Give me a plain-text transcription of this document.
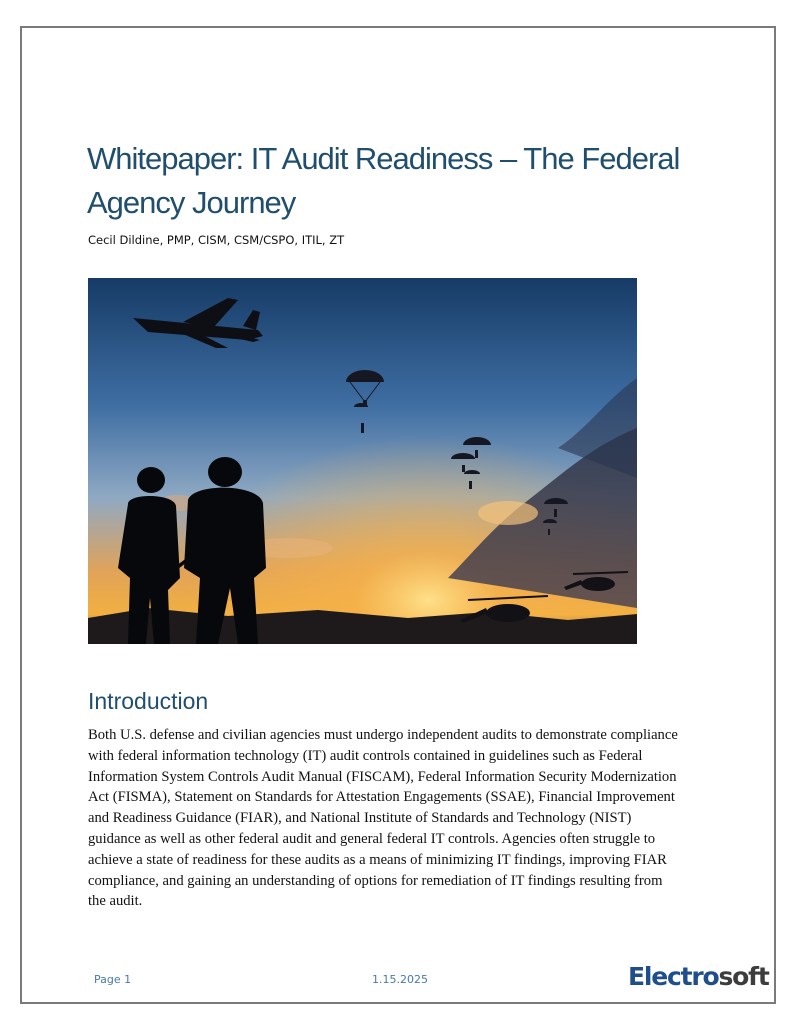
Whitepaper: IT Audit Readiness – The Federal Agency Journey
Cecil Dildine, PMP, CISM, CSM/CSPO, ITIL, ZT
Introduction

Both U.S. defense and civilian agencies must undergo independent audits to demonstrate compliance with federal information technology (IT) audit controls contained in guidelines such as Federal Information System Controls Audit Manual (FISCAM), Federal Information Security Modernization Act (FISMA), Statement on Standards for Attestation Engagements (SSAE), Financial Improvement and Readiness Guidance (FIAR), and National Institute of Standards and Technology (NIST) guidance as well as other federal audit and general federal IT controls. Agencies often struggle to achieve a state of readiness for these audits as a means of minimizing IT findings, improving FIAR compliance, and gaining an understanding of options for remediation of IT findings resulting from the audit.

Page 1	1.15.2025	Electrosoft
